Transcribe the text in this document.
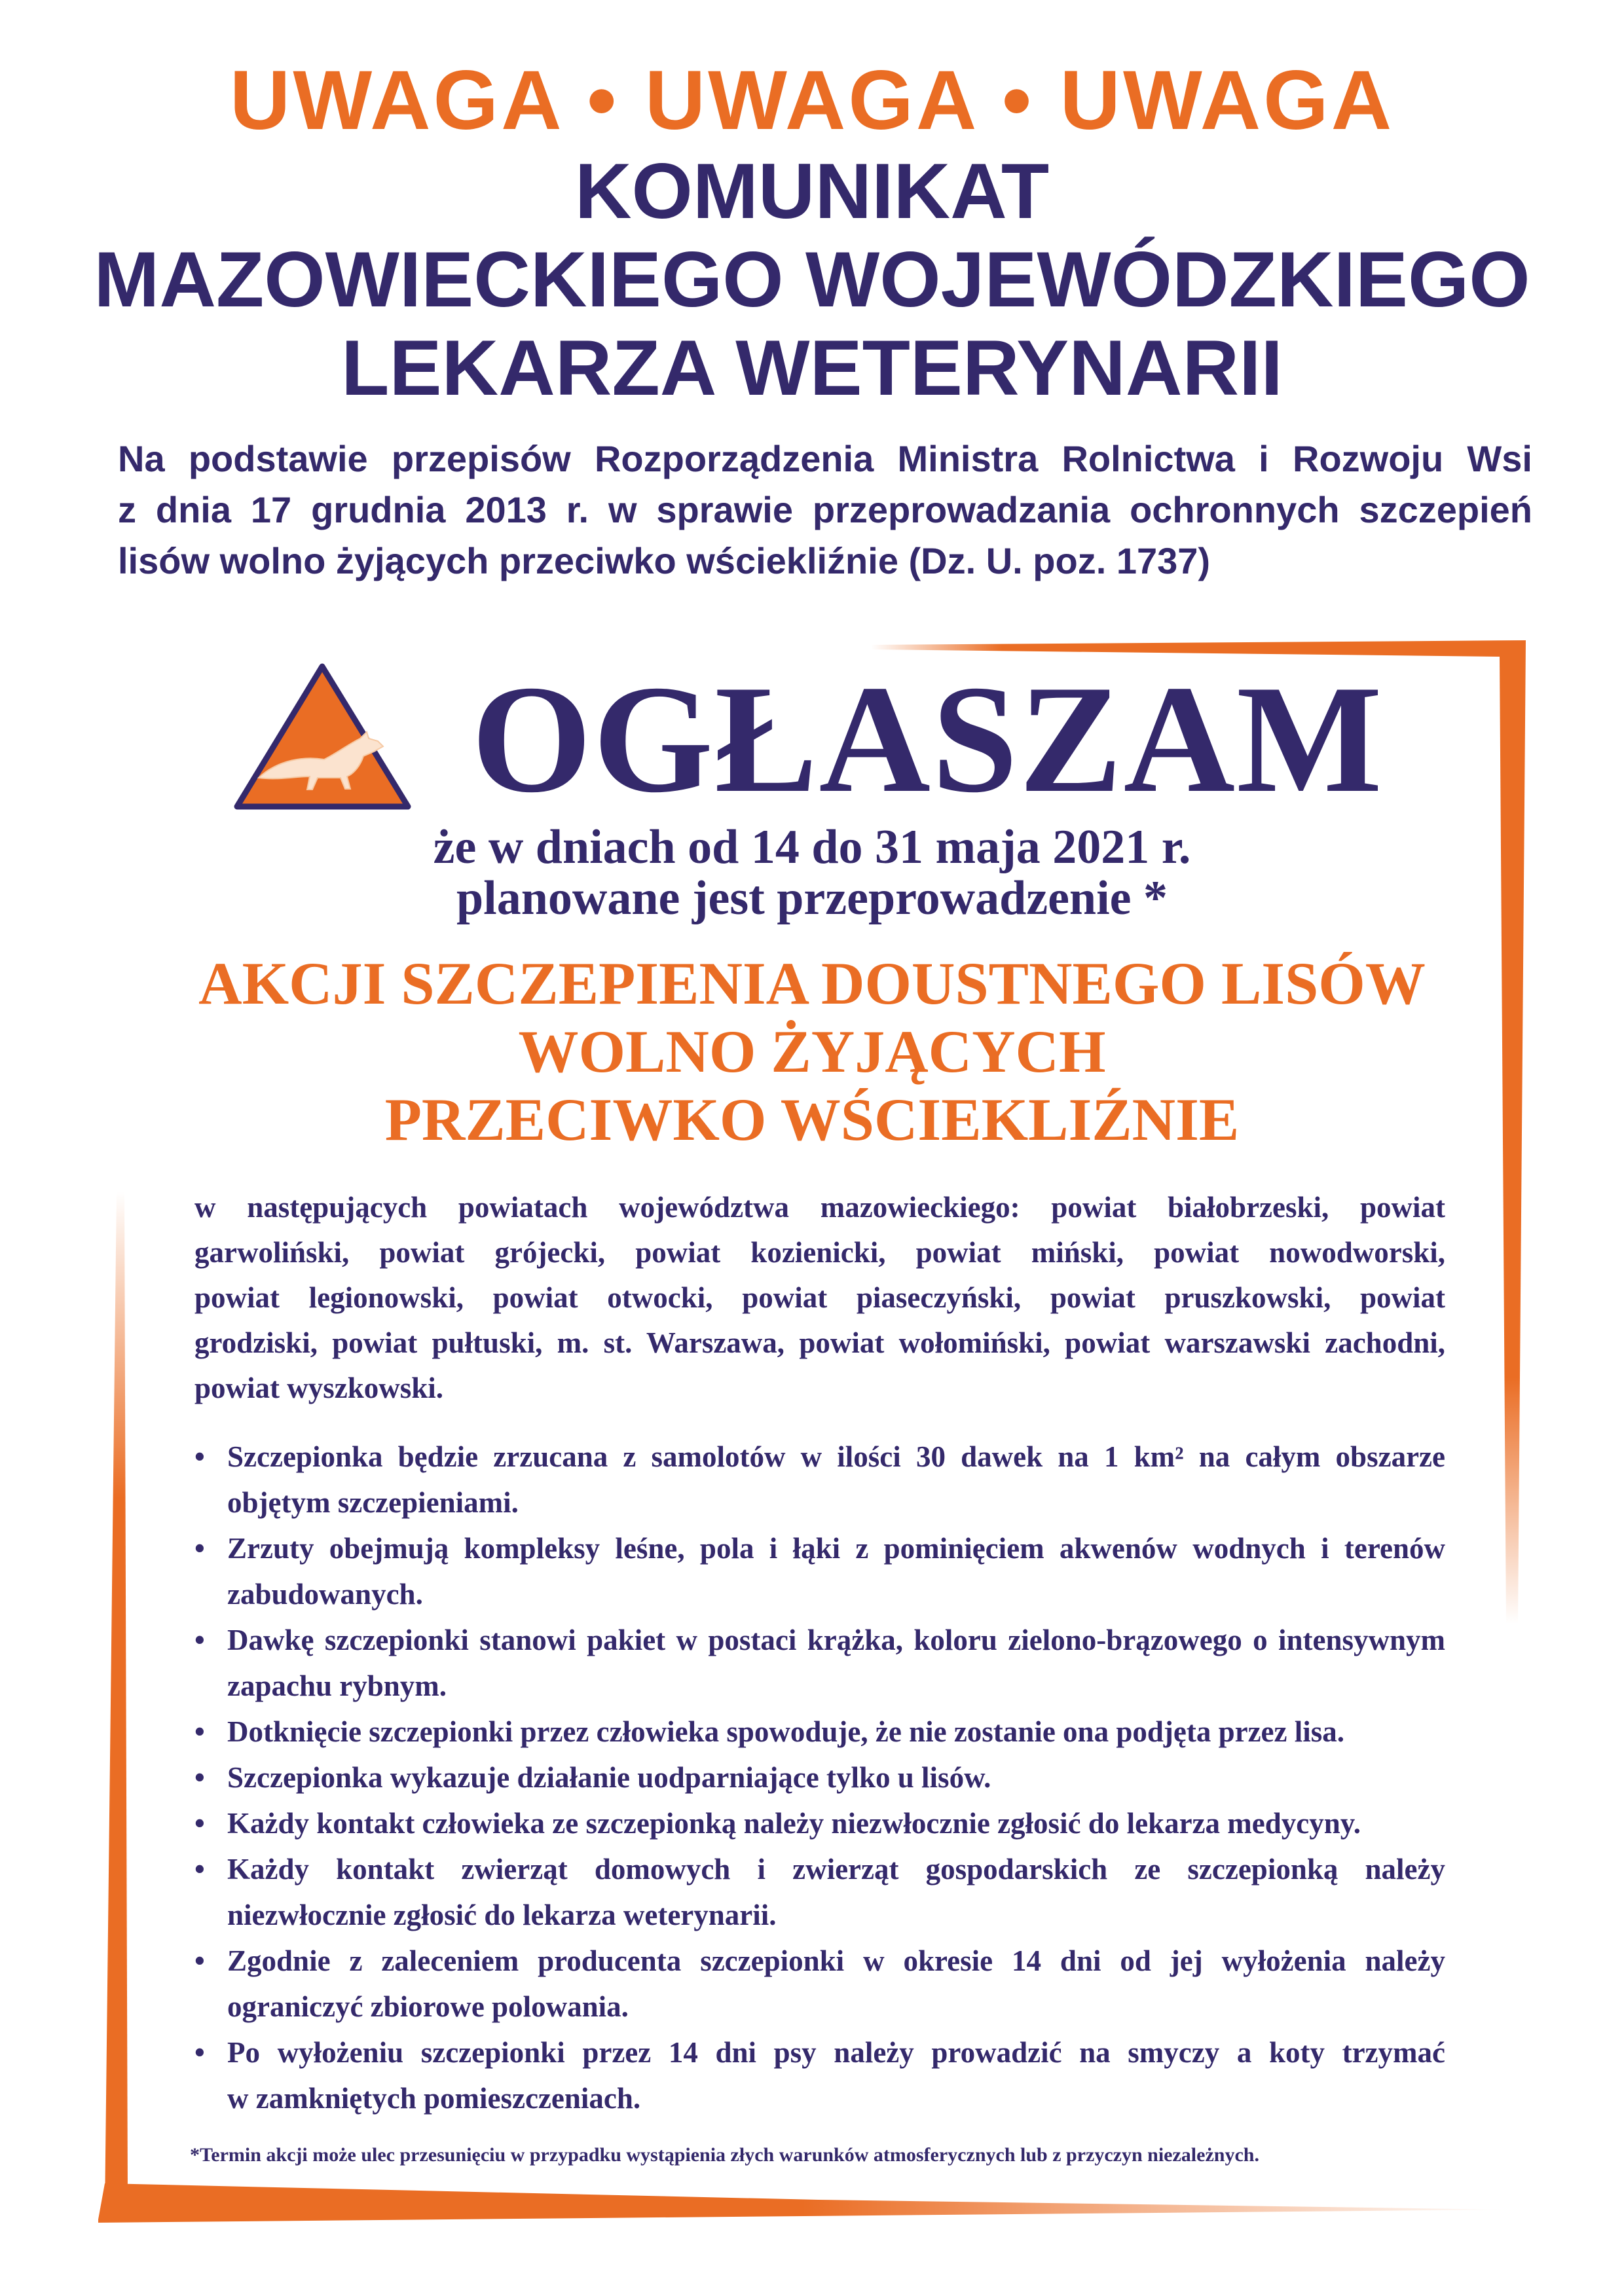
UWAGA • UWAGA • UWAGA
KOMUNIKAT
MAZOWIECKIEGO WOJEWÓDZKIEGO
LEKARZA WETERYNARII
Na podstawie przepisów Rozporządzenia Ministra Rolnictwa i Rozwoju Wsi
z dnia 17 grudnia 2013 r. w sprawie przeprowadzania ochronnych szczepień
lisów wolno żyjących przeciwko wściekliźnie (Dz. U. poz. 1737)
OGŁASZAM
że w dniach od 14 do 31 maja 2021 r.
planowane jest przeprowadzenie *
AKCJI SZCZEPIENIA DOUSTNEGO LISÓW
WOLNO ŻYJĄCYCH
PRZECIWKO WŚCIEKLIŹNIE
w następujących powiatach województwa mazowieckiego: powiat białobrzeski, powiat
garwoliński, powiat grójecki, powiat kozienicki, powiat miński, powiat nowodworski,
powiat legionowski, powiat otwocki, powiat piaseczyński, powiat pruszkowski, powiat
grodziski, powiat pułtuski, m. st. Warszawa, powiat wołomiński, powiat warszawski zachodni,
powiat wyszkowski.
• Szczepionka będzie zrzucana z samolotów w ilości 30 dawek na 1 km² na całym obszarze
objętym szczepieniami.
• Zrzuty obejmują kompleksy leśne, pola i łąki z pominięciem akwenów wodnych i terenów
zabudowanych.
• Dawkę szczepionki stanowi pakiet w postaci krążka, koloru zielono-brązowego o intensywnym
zapachu rybnym.
• Dotknięcie szczepionki przez człowieka spowoduje, że nie zostanie ona podjęta przez lisa.
• Szczepionka wykazuje działanie uodparniające tylko u lisów.
• Każdy kontakt człowieka ze szczepionką należy niezwłocznie zgłosić do lekarza medycyny.
• Każdy kontakt zwierząt domowych i zwierząt gospodarskich ze szczepionką należy
niezwłocznie zgłosić do lekarza weterynarii.
• Zgodnie z zaleceniem producenta szczepionki w okresie 14 dni od jej wyłożenia należy
ograniczyć zbiorowe polowania.
• Po wyłożeniu szczepionki przez 14 dni psy należy prowadzić na smyczy a koty trzymać
w zamkniętych pomieszczeniach.
*Termin akcji może ulec przesunięciu w przypadku wystąpienia złych warunków atmosferycznych lub z przyczyn niezależnych.
